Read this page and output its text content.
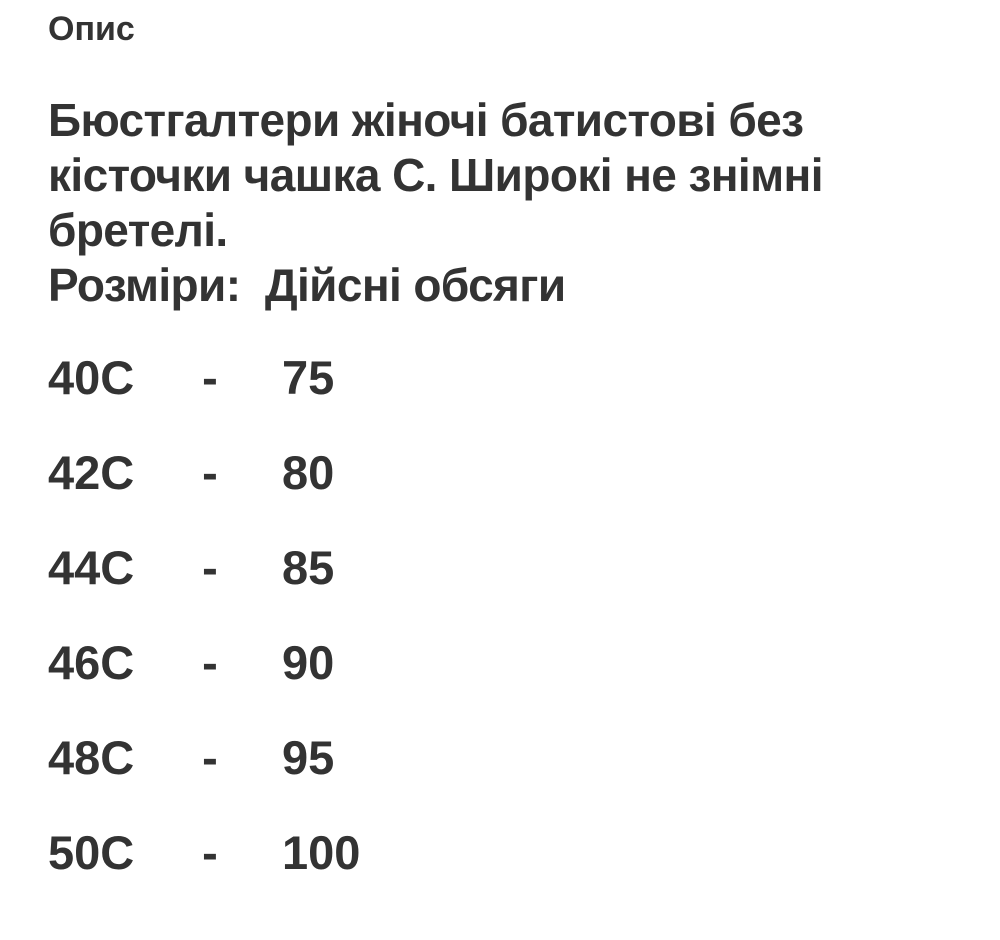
Опис
Бюстгалтери жіночі батистові без
кісточки чашка С. Широкі не знімні
бретелі.
Розміри:  Дійсні обсяги
40C	-	75
42C	-	80
44C	-	85
46C	-	90
48C	-	95
50C	-	100
